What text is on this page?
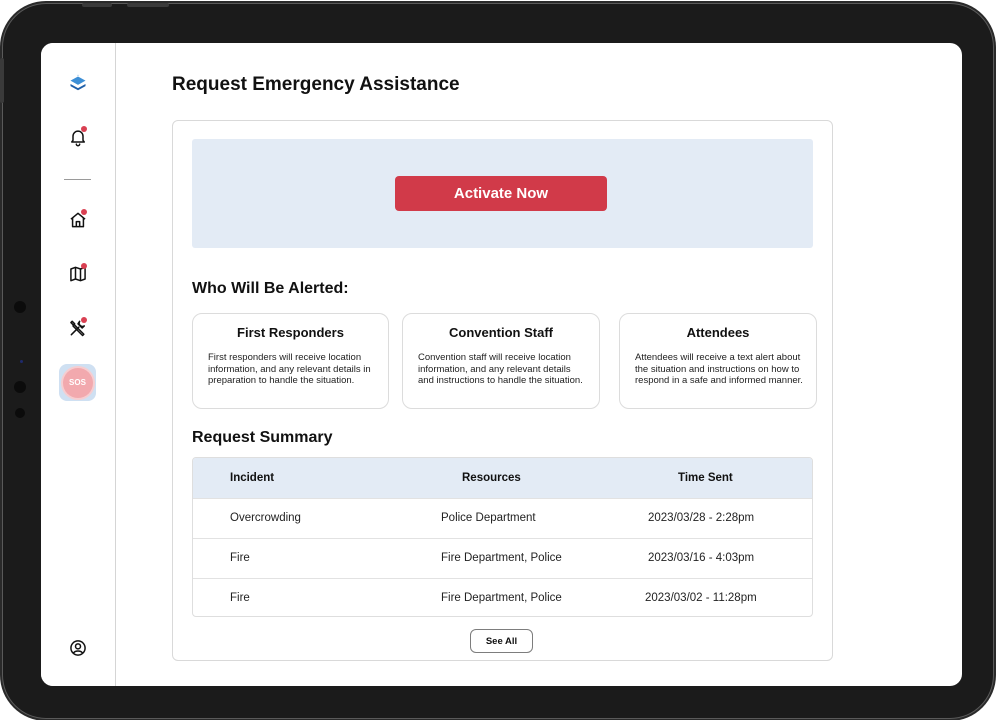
SOS
Request Emergency Assistance
Activate Now
Who Will Be Alerted:
First Responders

First responders will receive location information, and any relevant details in preparation to handle the situation.

Convention Staff

Convention staff will receive location information, and any relevant details and instructions to handle the situation.

Attendees

Attendees will receive a text alert about the situation and instructions on how to respond in a safe and informed manner.

Request Summary
Incident	Resources	Time Sent
Overcrowding	Police Department	2023/03/28 - 2:28pm
Fire	Fire Department, Police	2023/03/16 - 4:03pm
Fire	Fire Department, Police	2023/03/02 - 11:28pm
See All
